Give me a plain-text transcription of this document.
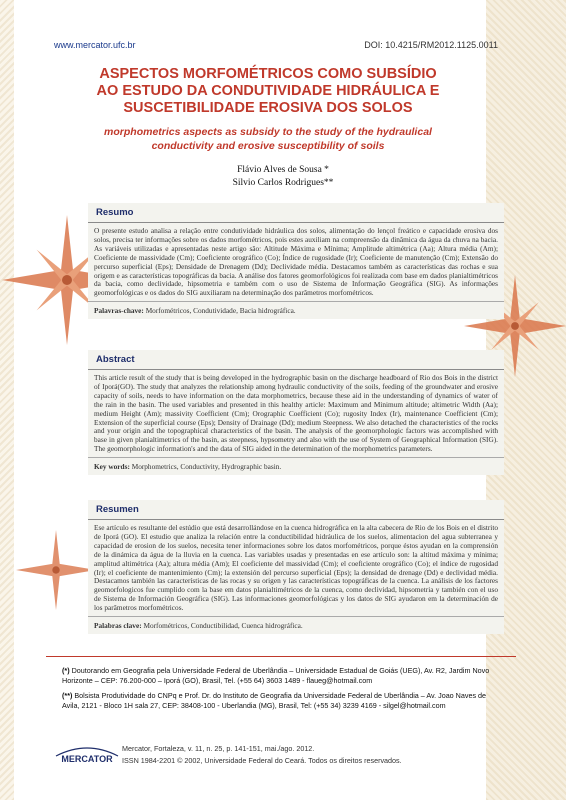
www.mercator.ufc.br	DOI: 10.4215/RM2012.1125.0011
ASPECTOS MORFOMÉTRICOS COMO SUBSÍDIO
AO ESTUDO DA CONDUTIVIDADE HIDRÁULICA E
SUSCETIBILIDADE EROSIVA DOS SOLOS
morphometrics aspects as subsidy to the study of the hydraulical
conductivity and erosive susceptibility of soils
Flávio Alves de Sousa *
Silvio Carlos Rodrigues**
Resumo
O presente estudo analisa a relação entre condutividade hidráulica dos solos, alimentação do lençol freático e capacidade erosiva dos solos, precisa ter informações sobre os dados morfométricos, pois estes auxiliam na compreensão da dinâmica da água da chuva na bacia. As variáveis utilizadas e apresentadas neste artigo são: Altitude Máxima e Mínima; Amplitude altimétrica (Aa); Altura média (Am); Coeficiente de massividade (Cm); Coeficiente orográfico (Co); Índice de rugosidade (Ir); Coeficiente de manutenção (Cm); Extensão do percurso superficial (Eps); Densidade de Drenagem (Dd); Declividade média. Destacamos também as características das rochas e sua origem e as características topográficas da bacia. A análise dos fatores geomorfológicos foi realizada com base em dados planialtimétricos da bacia, como declividade, hipsometria e também com o uso de Sistema de Informação Geográfica (SIG). As informações geomorfológicas e os dados do SIG auxiliaram na determinação dos parâmetros morfométricos.
Palavras-chave: Morfométricos, Condutividade, Bacia hidrográfica.
Abstract
This article result of the study that is being developed in the hydrographic basin on the discharge headboard of Rio dos Bois in the district of Iporá(GO). The study that analyzes the relationship among hydraulic conductivity of the soils, feeding of the groundwater and erosive capacity of soils, needs to have information on the data morphometrics, because these aid in the understanding of dynamics of water of the rain in the basin. The used variables and presented in this healthy article: Maximum and Minimum altitude; altimetric Width (Aa); medium Height (Am); massivity Coefficient (Cm); Orographic Coefficient (Co); rugosity Index (Ir), maintenance Coefficient (Cm); Extension of the superficial course (Eps); Density of Drainage (Dd); medium Steepness. We also detached the characteristics of the rocks and your origin and the topographical characteristics of the basin. The analysis of the geomorphologic factors was accomplished with base in given planialtimetrics of the basin, as steepness, hypsometry and also with the use of System of Geographical Information (SIG). The geomorphologic information's and the data of SIG aided in the determination of the morphometrics parameters.
Key words: Morphometrics, Conductivity, Hydrographic basin.
Resumen
Ese artículo es resultante del estúdio que está desarrollándose en la cuenca hidrográfica en la alta cabecera de Rio de los Bois en el distrito de Iporá (GO). El estudio que analiza la relación entre la conductibilidad hidráulica de los suelos, alimentacion del agua subterranea y capacidad de erosion de los suelos, necesita tener informaciones sobre los datos morfométricos, porque éstos ayudan en la comprensión de la dinámica da água de la lluvia en la cuenca. Las variables usadas y presentadas en ese artículo son: la altitud máxima y mínima; amplitud altimétrica (Aa); altura média (Am); El coeficiente del massividad (Cm); el coeficiente orográfico (Co); el índice de rugosidad (Ir); el coeficiente de mantenimiento (Cm); la extensión del percurso superficial (Eps); la densidad de drenage (Dd) e declividad média. Destacamos también las características de las rocas y su origen y las características topográficas de la cuenca. La análisis de los factores geomorfologicos fue cumplido com la base em datos planialtimétricos de la cuenca, como declividad, hipsometria y también con el uso de Sistema de Información Geográfica (SIG). Las informaciones geomorfológicas y los datos de SIG ayudaron em la determinación de los parâmetros morfométricos.
Palabras clave: Morfométricos, Conductibilidad, Cuenca hidrográfica.
(*) Doutorando em Geografia pela Universidade Federal de Uberlândia – Universidade Estadual de Goiás (UEG), Av. R2, Jardim Novo Horizonte – CEP: 76.200-000 – Iporá (GO), Brasil, Tel. (+55 64) 3603 1489 - flaueg@hotmail.com
(**) Bolsista Produtividade do CNPq e Prof. Dr. do Instituto de Geografia da Universidade Federal de Uberlândia – Av. Joao Naves de Avila, 2121 - Bloco 1H sala 27, CEP: 38408-100 - Uberlandia (MG), Brasil, Tel: (+55 34) 3239 4169 - silgel@hotmail.com
MERCATOR
Mercator, Fortaleza, v. 11, n. 25, p. 141-151, mai./ago. 2012.
ISSN 1984-2201 © 2002, Universidade Federal do Ceará. Todos os direitos reservados.
